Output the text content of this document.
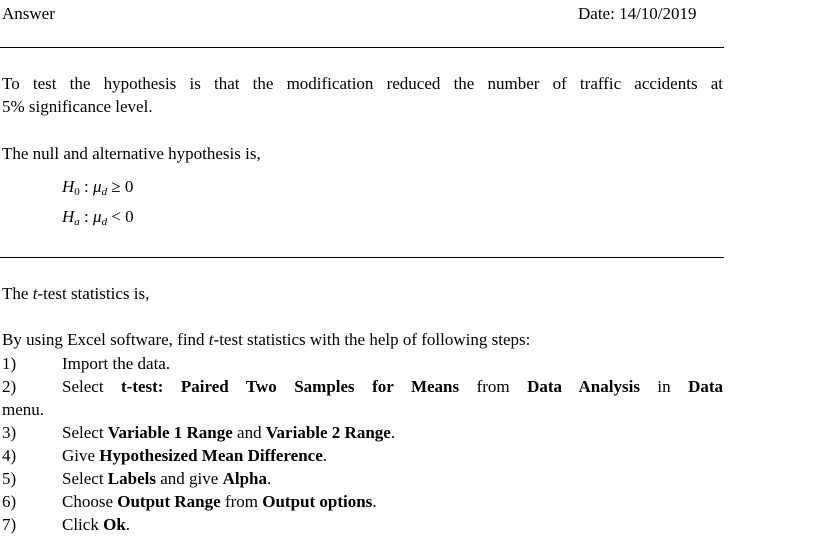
Answer	Date: 14/10/2019
To test the hypothesis is that the modification reduced the number of traffic accidents at
5% significance level.
The null and alternative hypothesis is,
$H_0$ : $\mu_d \ge 0$
$H_a$ : $\mu_d < 0$
The t-test statistics is,
By using Excel software, find t-test statistics with the help of following steps:
1)	Import the data.
2)	Select t-test: Paired Two Samples for Means from Data Analysis in Data
menu.
3)	Select Variable 1 Range and Variable 2 Range.
4)	Give Hypothesized Mean Difference.
5)	Select Labels and give Alpha.
6)	Choose Output Range from Output options.
7)	Click Ok.
